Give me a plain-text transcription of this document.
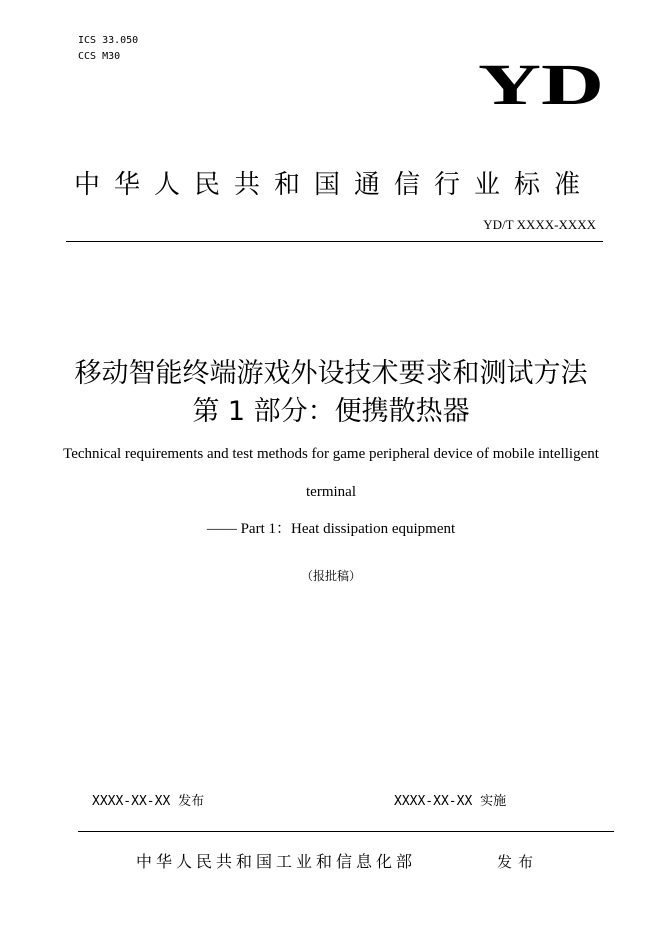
ICS 33.050
CCS M30	YD
中华人民共和国通信行业标准
YD/T XXXX-XXXX
移动智能终端游戏外设技术要求和测试方法
第 1 部分：便携散热器
Technical requirements and test methods for game peripheral device of mobile intelligent
terminal
—— Part 1：Heat dissipation equipment
（报批稿）
XXXX-XX-XX 发布	XXXX-XX-XX 实施
中华人民共和国工业和信息化部	发布
